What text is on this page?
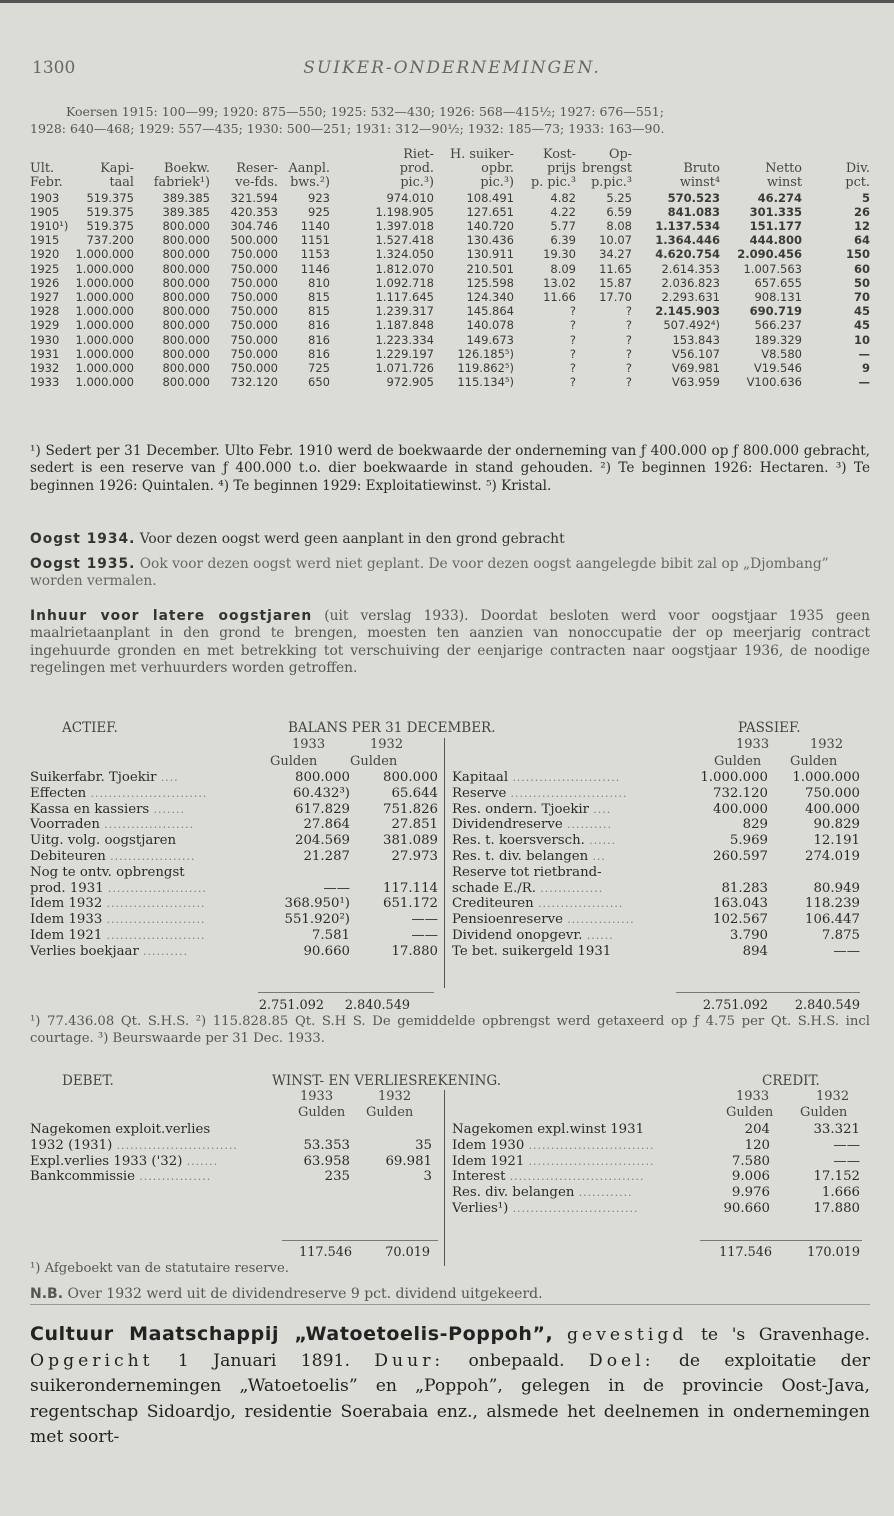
1300	SUIKER-ONDERNEMINGEN.
Koersen 1915: 100—99; 1920: 875—550; 1925: 532—430; 1926: 568—415½; 1927: 676—551;
1928: 640—468; 1929: 557—435; 1930: 500—251; 1931: 312—90½; 1932: 185—73; 1933: 163—90.
					Riet-	H. suiker-	Kost-	Op-			
Ult.	Kapi-	Boekw.	Reser-	Aanpl.	prod.	opbr.	prijs	brengst	Bruto	Netto	Div.
Febr.	taal	fabriek¹)	ve-fds.	bws.²)	pic.³)	pic.³)	p. pic.³	p.pic.³	winst⁴	winst	pct.
1903	519.375	389.385	321.594	923	974.010	108.491	4.82	5.25	570.523	46.274	5
1905	519.375	389.385	420.353	925	1.198.905	127.651	4.22	6.59	841.083	301.335	26
1910¹)	519.375	800.000	304.746	1140	1.397.018	140.720	5.77	8.08	1.137.534	151.177	12
1915	737.200	800.000	500.000	1151	1.527.418	130.436	6.39	10.07	1.364.446	444.800	64
1920	1.000.000	800.000	750.000	1153	1.324.050	130.911	19.30	34.27	4.620.754	2.090.456	150
1925	1.000.000	800.000	750.000	1146	1.812.070	210.501	8.09	11.65	2.614.353	1.007.563	60
1926	1.000.000	800.000	750.000	810	1.092.718	125.598	13.02	15.87	2.036.823	657.655	50
1927	1.000.000	800.000	750.000	815	1.117.645	124.340	11.66	17.70	2.293.631	908.131	70
1928	1.000.000	800.000	750.000	815	1.239.317	145.864	?	?	2.145.903	690.719	45
1929	1.000.000	800.000	750.000	816	1.187.848	140.078	?	?	507.492⁴)	566.237	45
1930	1.000.000	800.000	750.000	816	1.223.334	149.673	?	?	153.843	189.329	10
1931	1.000.000	800.000	750.000	816	1.229.197	126.185⁵)	?	?	V56.107	V8.580	—
1932	1.000.000	800.000	750.000	725	1.071.726	119.862⁵)	?	?	V69.981	V19.546	9
1933	1.000.000	800.000	732.120	650	972.905	115.134⁵)	?	?	V63.959	V100.636	—
¹) Sedert per 31 December. Ulto Febr. 1910 werd de boekwaarde der onderneming van ƒ 400.000 op ƒ 800.000 gebracht, sedert is een reserve van ƒ 400.000 t.o. dier boekwaarde in stand gehouden. ²) Te beginnen 1926: Hectaren. ³) Te beginnen 1926: Quintalen. ⁴) Te beginnen 1929: Exploitatiewinst. ⁵) Kristal.
Oogst 1934. Voor dezen oogst werd geen aanplant in den grond gebracht
Oogst 1935. Ook voor dezen oogst werd niet geplant. De voor dezen oogst aangelegde bibit zal op „Djombang” worden vermalen.
Inhuur voor latere oogstjaren (uit verslag 1933). Doordat besloten werd voor oogstjaar 1935 geen maalrietaanplant in den grond te brengen, moesten ten aanzien van nonoccupatie der op meerjarig contract ingehuurde gronden en met betrekking tot verschuiving der eenjarige contracten naar oogstjaar 1936, de noodige regelingen met verhuurders worden getroffen.
ACTIEF.	BALANS PER 31 DECEMBER.	PASSIEF.
1933	1932	1933	1932
Gulden	Gulden	Gulden Gulden
Suikerfabr. Tjoekir ....	800.000	800.000
Effecten ..........................	60.432³)	65.644
Kassa en kassiers .......	617.829	751.826
Voorraden ....................	27.864	27.851
Uitg. volg. oogstjaren	204.569	381.089
Debiteuren ...................	21.287	27.973
Nog te ontv. opbrengst
prod. 1931 ......................	——	117.114
Idem 1932 ......................	368.950¹)	651.172
Idem 1933 ......................	551.920²)	——
Idem 1921 ......................	7.581	——
Verlies boekjaar ..........	90.660	17.880
Kapitaal ........................	1.000.000	1.000.000
Reserve ..........................	732.120	750.000
Res. ondern. Tjoekir ....	400.000	400.000
Dividendreserve ..........	829	90.829
Res. t. koersversch. ......	5.969	12.191
Res. t. div. belangen ...	260.597	274.019
Reserve tot rietbrand-
schade E./R. ..............	81.283	80.949
Crediteuren ...................	163.043	118.239
Pensioenreserve ...............	102.567	106.447
Dividend onopgevr. ......	3.790	7.875
Te bet. suikergeld 1931	894	——
2.751.092	2.840.549	2.751.092	2.840.549
¹) 77.436.08 Qt. S.H.S. ²) 115.828.85 Qt. S.H S. De gemiddelde opbrengst werd getaxeerd op ƒ 4.75 per Qt. S.H.S. incl courtage. ³) Beurswaarde per 31 Dec. 1933.
DEBET.	WINST- EN VERLIESREKENING.	CREDIT.
1933	1932	1933	1932
Gulden Gulden	Gulden Gulden
Nagekomen exploit.verlies
1932 (1931) ...........................	53.353	35
Expl.verlies 1933 ('32) .......	63.958	69.981
Bankcommissie ................	235	3
Nagekomen expl.winst 1931	204	33.321
Idem 1930 ............................	120	——
Idem 1921 ............................	7.580	——
Interest ..............................	9.006	17.152
Res. div. belangen ............	9.976	1.666
Verlies¹) ............................	90.660	17.880
117.546	70.019	117.546	170.019
¹) Afgeboekt van de statutaire reserve.
N.B. Over 1932 werd uit de dividendreserve 9 pct. dividend uitgekeerd.
Cultuur Maatschappij „Watoetoelis-Poppoh”, gevestigd te 's Gravenhage. Opgericht 1 Januari 1891. Duur: onbepaald. Doel: de exploitatie der suikerondernemingen „Watoetoelis” en „Poppoh”, gelegen in de provincie Oost-Java, regentschap Sidoardjo, residentie Soerabaia enz., alsmede het deelnemen in ondernemingen met soort-
